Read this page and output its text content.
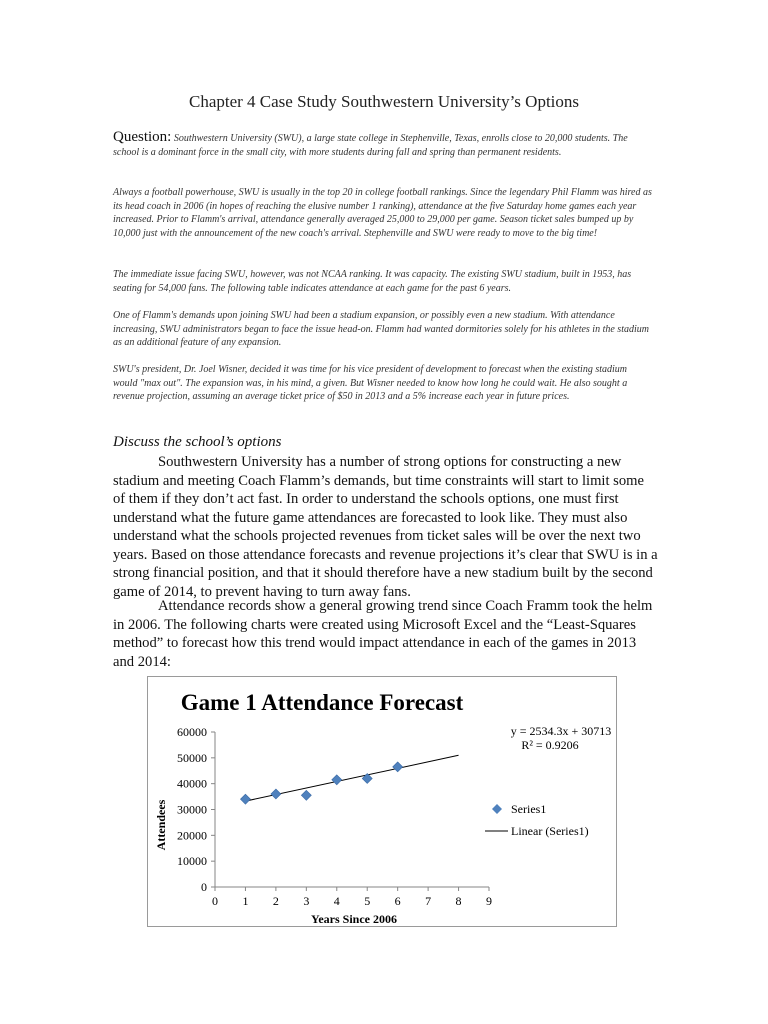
Chapter 4 Case Study Southwestern University’s Options
Question: Southwestern University (SWU), a large state college in Stephenville, Texas, enrolls close to 20,000 students. The school is a dominant force in the small city, with more students during fall and spring than permanent residents.
Always a football powerhouse, SWU is usually in the top 20 in college football rankings. Since the legendary Phil Flamm was hired as its head coach in 2006 (in hopes of reaching the elusive number 1 ranking), attendance at the five Saturday home games each year increased. Prior to Flamm's arrival, attendance generally averaged 25,000 to 29,000 per game. Season ticket sales bumped up by 10,000 just with the announcement of the new coach's arrival. Stephenville and SWU were ready to move to the big time!
The immediate issue facing SWU, however, was not NCAA ranking. It was capacity. The existing SWU stadium, built in 1953, has seating for 54,000 fans. The following table indicates attendance at each game for the past 6 years.
One of Flamm's demands upon joining SWU had been a stadium expansion, or possibly even a new stadium. With attendance increasing, SWU administrators began to face the issue head-on. Flamm had wanted dormitories solely for his athletes in the stadium as an additional feature of any expansion.
SWU's president, Dr. Joel Wisner, decided it was time for his vice president of development to forecast when the existing stadium would "max out". The expansion was, in his mind, a given. But Wisner needed to know how long he could wait. He also sought a revenue projection, assuming an average ticket price of $50 in 2013 and a 5% increase each year in future prices.
Discuss the school’s options
Southwestern University has a number of strong options for constructing a new stadium and meeting Coach Flamm’s demands, but time constraints will start to limit some of them if they don’t act fast. In order to understand the schools options, one must first understand what the future game attendances are forecasted to look like. They must also understand what the schools projected revenues from ticket sales will be over the next two years. Based on those attendance forecasts and revenue projections it’s clear that SWU is in a strong financial position, and that it should therefore have a new stadium built by the second game of 2014, to prevent having to turn away fans.
Attendance records show a general growing trend since Coach Framm took the helm in 2006. The following charts were created using Microsoft Excel and the “Least-Squares method” to forecast how this trend would impact attendance in each of the games in 2013 and 2014:
Game 1 Attendance Forecast
Attendees
Years Since 2006
0 1 2 3 4 5 6 7 8 9
0
10000
20000
30000
40000
50000
60000	y = 2534.3x + 30713
R² = 0.9206
Series1
Linear (Series1)
